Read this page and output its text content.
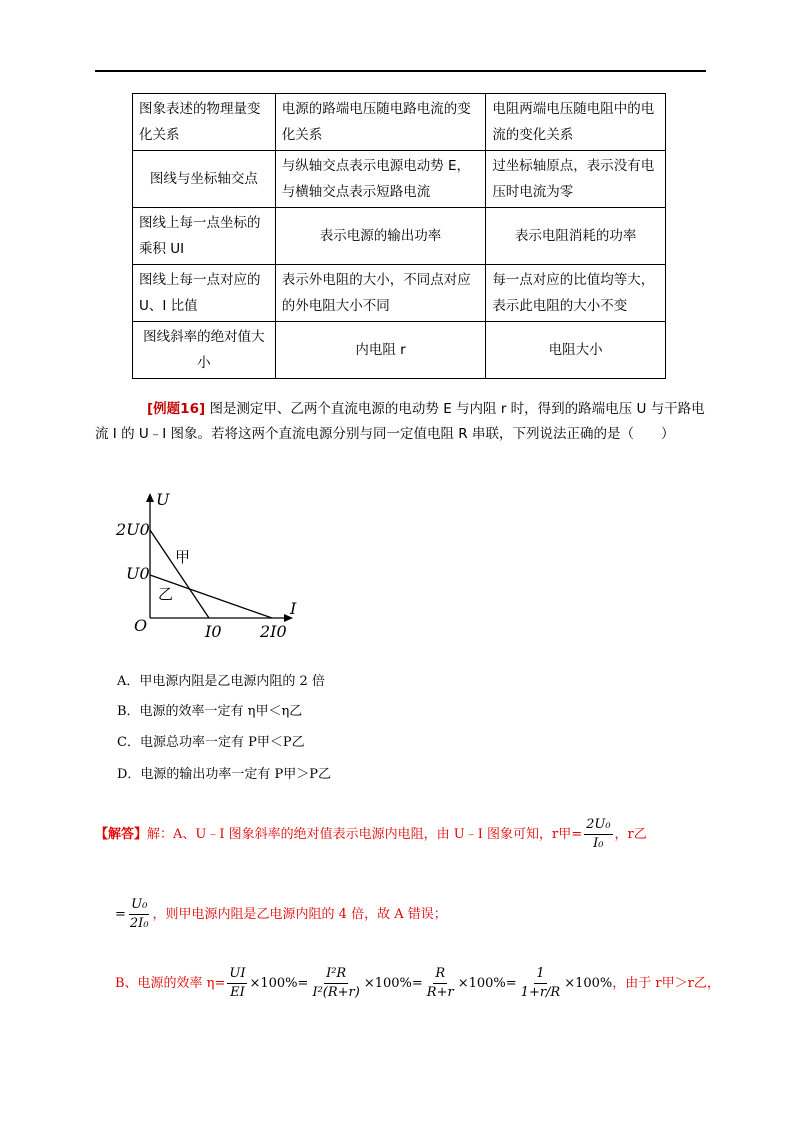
图象表述的物理量变化关系	电源的路端电压随电路电流的变化关系	电阻两端电压随电阻中的电流的变化关系
图线与坐标轴交点	与纵轴交点表示电源电动势 E，与横轴交点表示短路电流	过坐标轴原点，表示没有电压时电流为零
图线上每一点坐标的乘积 UI	表示电源的输出功率	表示电阻消耗的功率
图线上每一点对应的 U、I 比值	表示外电阻的大小，不同点对应的外电阻大小不同	每一点对应的比值均等大，表示此电阻的大小不变
图线斜率的绝对值大小	内电阻 r	电阻大小
[例题16] 图是测定甲、乙两个直流电源的电动势 E 与内阻 r 时，得到的路端电压 U 与干路电流 I 的 U﹣I 图象。若将这两个直流电源分别与同一定值电阻 R 串联，下列说法正确的是（　　）
U
I
O
2U0
U0
I0 2I0
甲
乙
A．甲电源内阻是乙电源内阻的 2 倍
B．电源的效率一定有 η甲＜η乙
C．电源总功率一定有 P甲＜P乙
D．电源的输出功率一定有 P甲＞P乙
【解答】解：A、U﹣I 图象斜率的绝对值表示电源内电阻，由 U﹣I 图象可知，r甲= $\frac{\text{2U₀}}{\text{I₀}}$ ，r乙
= $\frac{\text{U₀}}{\text{2I₀}}$ ，则甲电源内阻是乙电源内阻的 4 倍，故 A 错误；
B、电源的效率 $\eta= \frac{UI}{EI} \times 100\%= \frac{\text{I²R}}{\text{I²(R+r)}} \times 100\%= \frac{R}{R+r} \times 100\%= \frac{1}{1+r/R} \times 100\%$，由于 r甲＞r乙，
